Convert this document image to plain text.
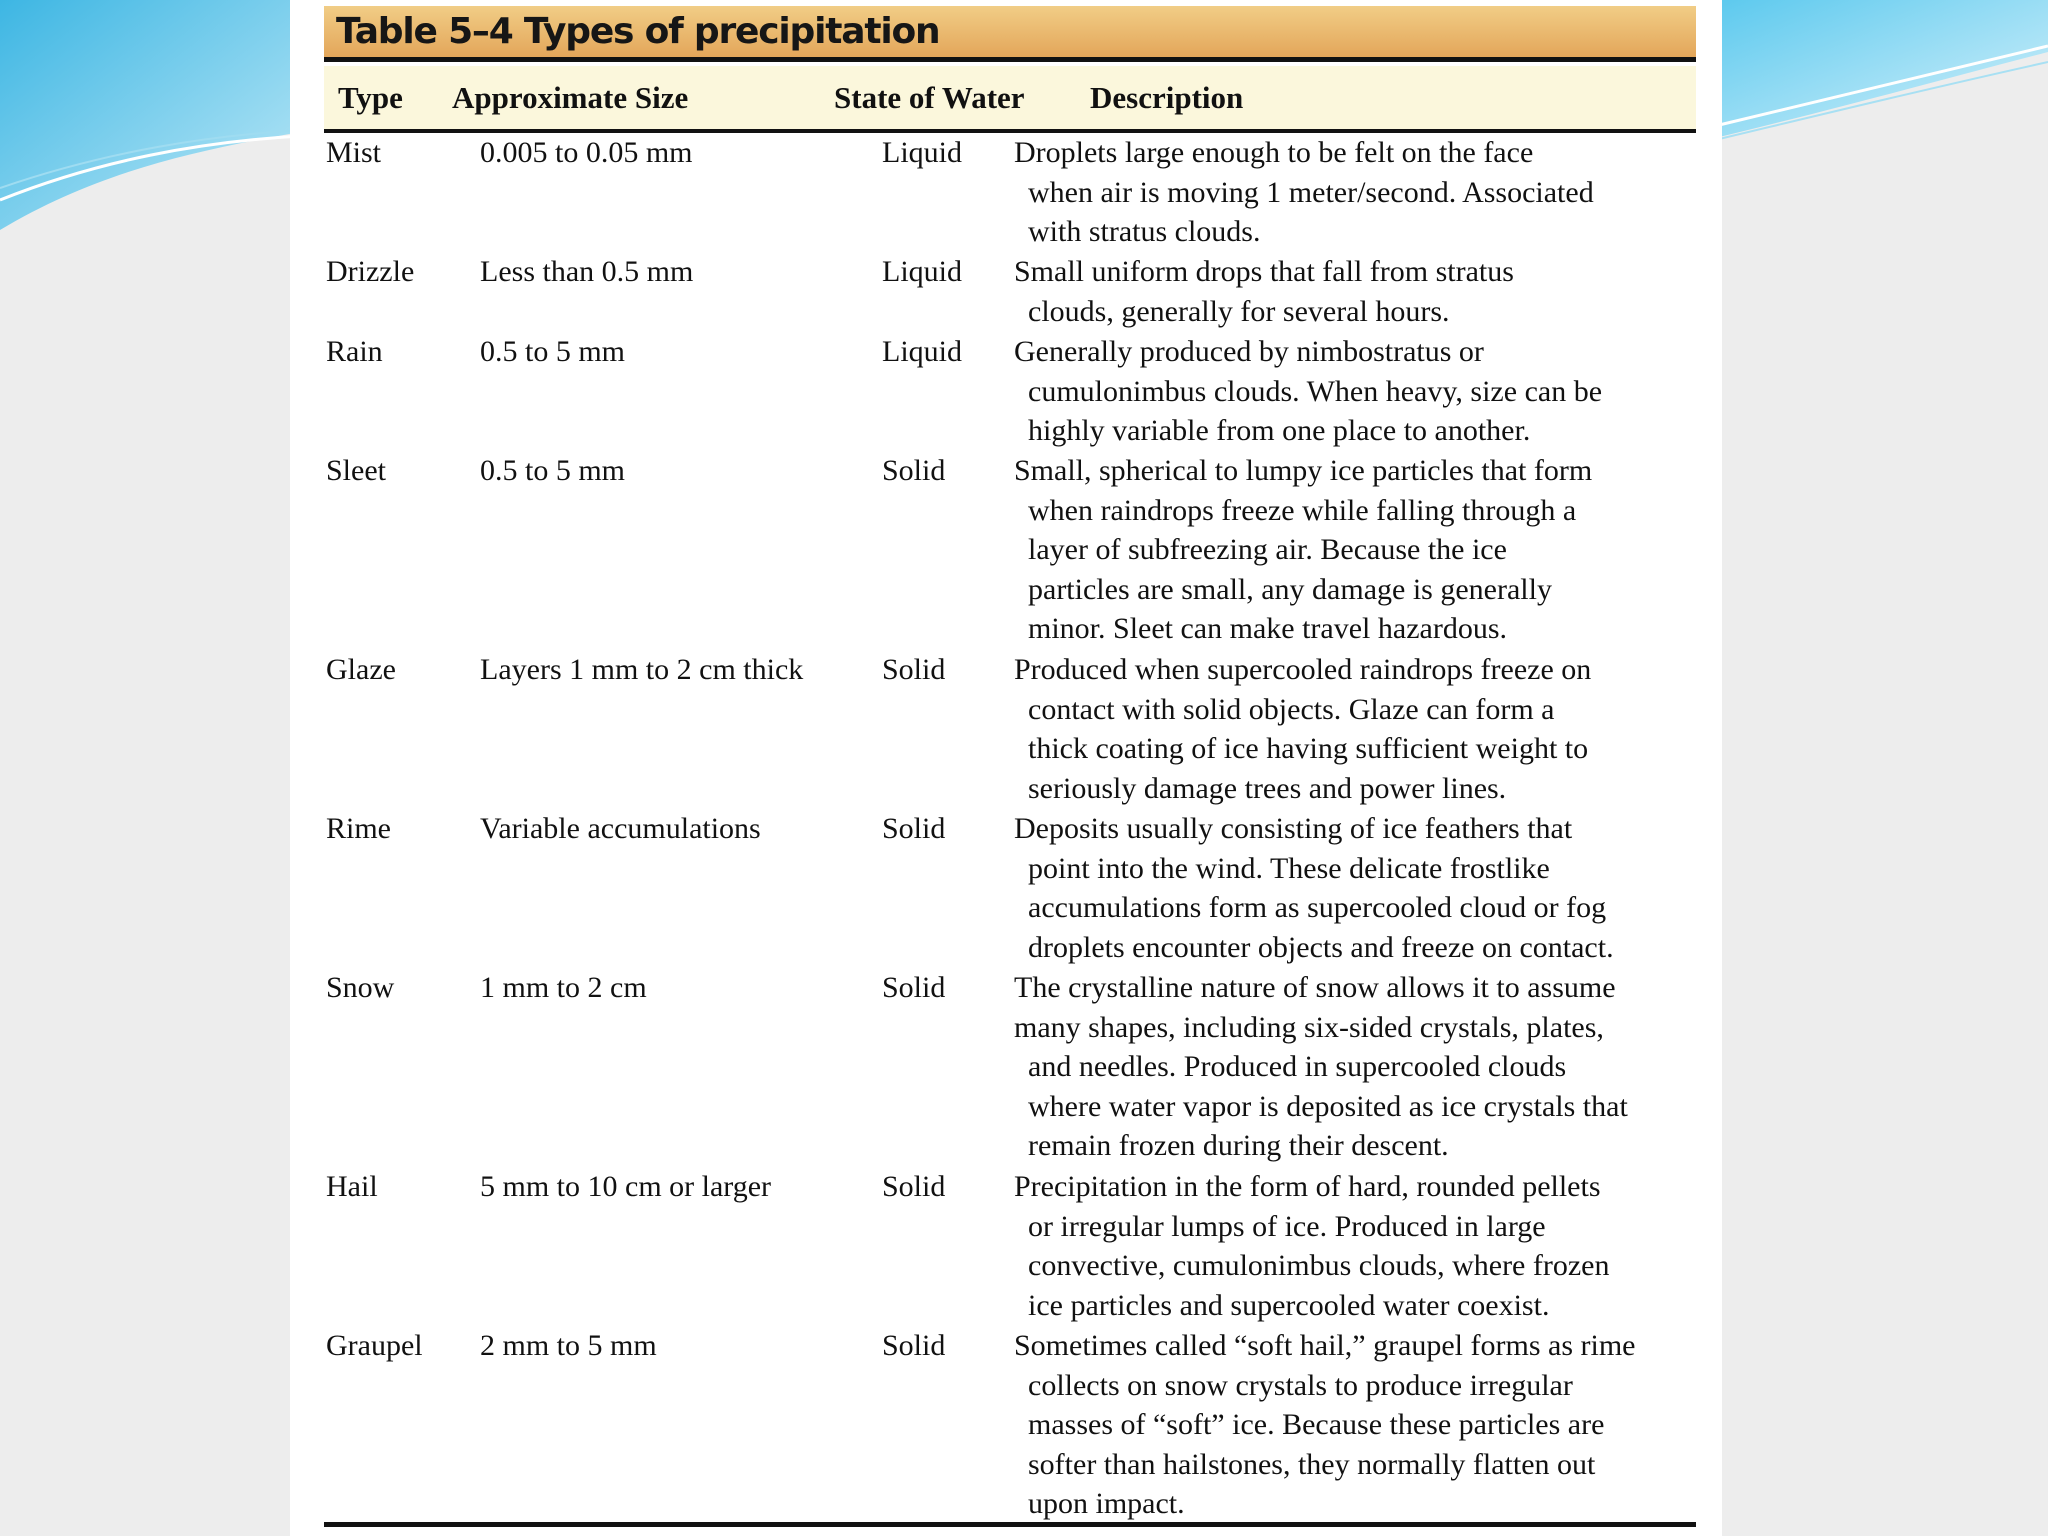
Table 5–4 Types of precipitation
Type Approximate Size	State of Water Description
Mist	0.005 to 0.05 mm	Liquid Droplets large enough to be felt on the face
when air is moving 1 meter/second. Associated
with stratus clouds.
Drizzle Less than 0.5 mm	Liquid Small uniform drops that fall from stratus
clouds, generally for several hours.
Rain	0.5 to 5 mm	Liquid Generally produced by nimbostratus or
cumulonimbus clouds. When heavy, size can be
highly variable from one place to another.
Sleet	0.5 to 5 mm	Solid Small, spherical to lumpy ice particles that form
when raindrops freeze while falling through a
layer of subfreezing air. Because the ice
particles are small, any damage is generally
minor. Sleet can make travel hazardous.
Glaze	Layers 1 mm to 2 cm thick	Solid Produced when supercooled raindrops freeze on
contact with solid objects. Glaze can form a
thick coating of ice having sufficient weight to
seriously damage trees and power lines.
Rime	Variable accumulations	Solid Deposits usually consisting of ice feathers that
point into the wind. These delicate frostlike
accumulations form as supercooled cloud or fog
droplets encounter objects and freeze on contact.
Snow	1 mm to 2 cm	Solid The crystalline nature of snow allows it to assume
many shapes, including six-sided crystals, plates,
and needles. Produced in supercooled clouds
where water vapor is deposited as ice crystals that
remain frozen during their descent.
Hail	5 mm to 10 cm or larger	Solid Precipitation in the form of hard, rounded pellets
or irregular lumps of ice. Produced in large
convective, cumulonimbus clouds, where frozen
ice particles and supercooled water coexist.
Graupel 2 mm to 5 mm	Solid Sometimes called “soft hail,” graupel forms as rime
collects on snow crystals to produce irregular
masses of “soft” ice. Because these particles are
softer than hailstones, they normally flatten out
upon impact.
